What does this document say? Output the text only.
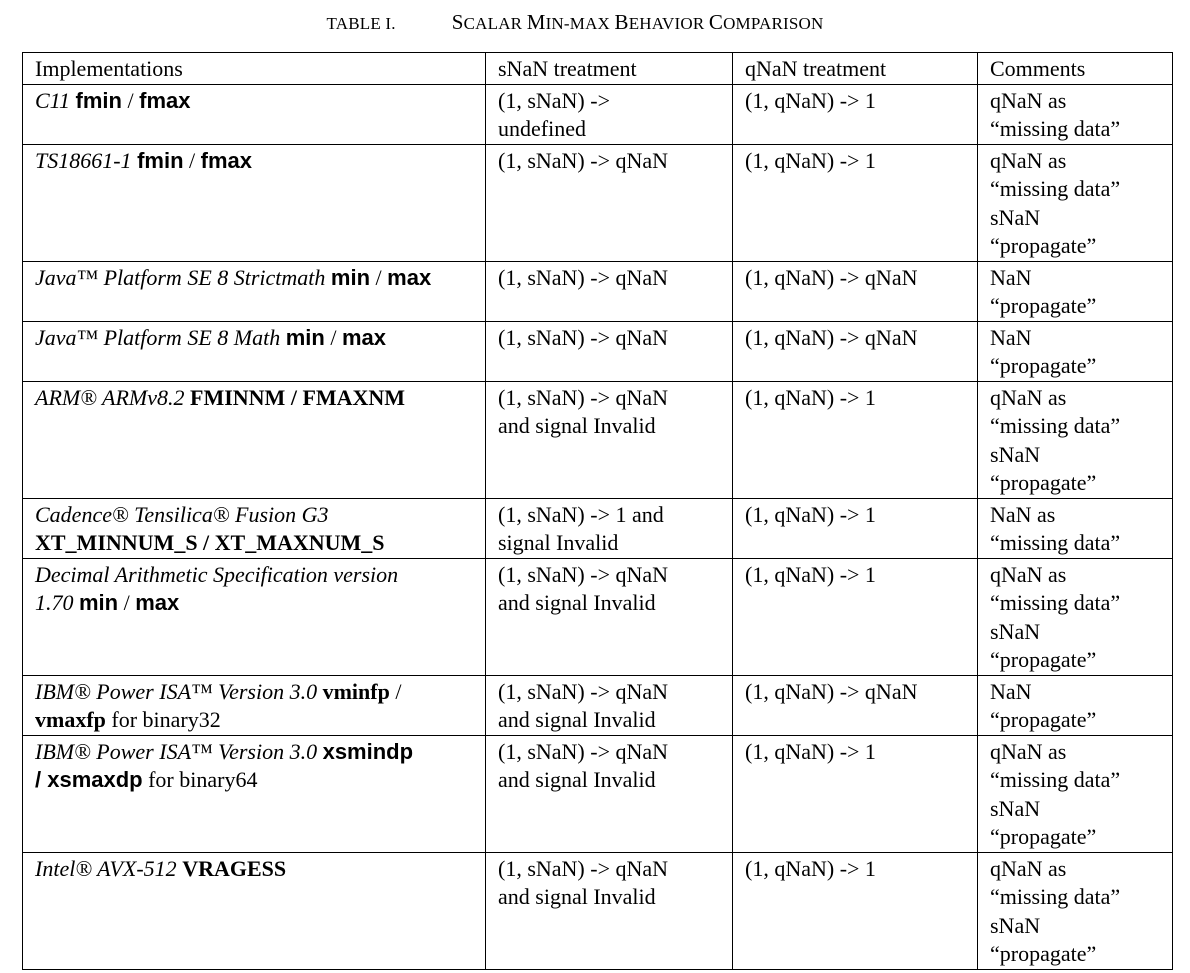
TABLE I.	SCALAR MIN-MAX BEHAVIOR COMPARISON
Implementations	sNaN treatment	qNaN treatment	Comments
C11 fmin / fmax	(1, sNaN) ->
undefined	(1, qNaN) -> 1	qNaN as
“missing data”

TS18661-1 fmin / fmax	(1, sNaN) -> qNaN	(1, qNaN) -> 1	qNaN as
“missing data”
sNaN
“propagate”

Java™ Platform SE 8 Strictmath min / max	(1, sNaN) -> qNaN	(1, qNaN) -> qNaN	NaN
“propagate”

Java™ Platform SE 8 Math min / max	(1, sNaN) -> qNaN	(1, qNaN) -> qNaN	NaN
“propagate”

ARM® ARMv8.2 FMINNM / FMAXNM	(1, sNaN) -> qNaN
and signal Invalid	(1, qNaN) -> 1	qNaN as
“missing data”
sNaN
“propagate”

Cadence® Tensilica® Fusion G3
XT_MINNUM_S / XT_MAXNUM_S	(1, sNaN) -> 1 and
signal Invalid	(1, qNaN) -> 1	NaN as
“missing data”

Decimal Arithmetic Specification version
1.70 min / max	(1, sNaN) -> qNaN
and signal Invalid	(1, qNaN) -> 1	qNaN as
“missing data”
sNaN
“propagate”

IBM® Power ISA™ Version 3.0 vminfp /
vmaxfp for binary32	(1, sNaN) -> qNaN
and signal Invalid	(1, qNaN) -> qNaN	NaN
“propagate”

IBM® Power ISA™ Version 3.0 xsmindp
/ xsmaxdp for binary64	(1, sNaN) -> qNaN
and signal Invalid	(1, qNaN) -> 1	qNaN as
“missing data”
sNaN
“propagate”

Intel® AVX-512 VRAGESS	(1, sNaN) -> qNaN
and signal Invalid	(1, qNaN) -> 1	qNaN as
“missing data”
sNaN
“propagate”
